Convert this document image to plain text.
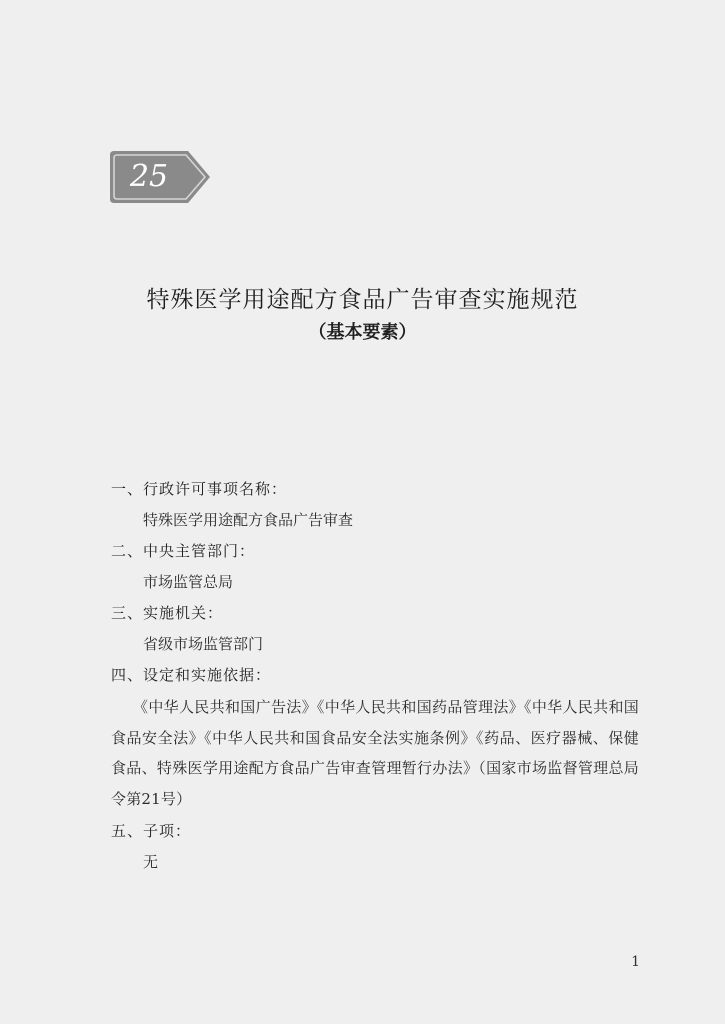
25
特殊医学用途配方食品广告审查实施规范
（基本要素）
一、行政许可事项名称：
特殊医学用途配方食品广告审查
二、中央主管部门：
市场监管总局
三、实施机关：
省级市场监管部门
四、设定和实施依据：
《中华人民共和国广告法》《中华人民共和国药品管理法》《中华人民共和国食品安全法》《中华人民共和国食品安全法实施条例》《药品、医疗器械、保健食品、特殊医学用途配方食品广告审查管理暂行办法》（国家市场监督管理总局令第21号）
五、子项：
无
1
